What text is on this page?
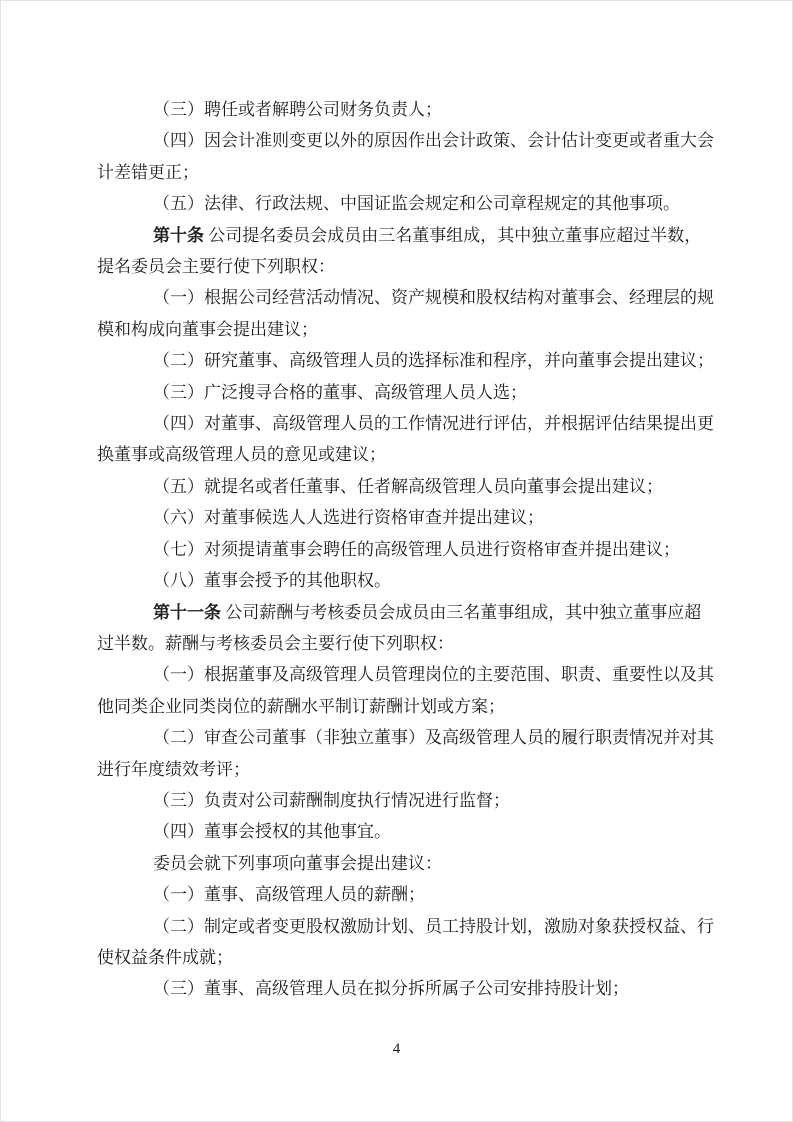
（三）聘任或者解聘公司财务负责人；

（四）因会计准则变更以外的原因作出会计政策、会计估计变更或者重大会计差错更正；

（五）法律、行政法规、中国证监会规定和公司章程规定的其他事项。

第十条 公司提名委员会成员由三名董事组成，其中独立董事应超过半数，提名委员会主要行使下列职权：

（一）根据公司经营活动情况、资产规模和股权结构对董事会、经理层的规模和构成向董事会提出建议；

（二）研究董事、高级管理人员的选择标准和程序，并向董事会提出建议；

（三）广泛搜寻合格的董事、高级管理人员人选；

（四）对董事、高级管理人员的工作情况进行评估，并根据评估结果提出更换董事或高级管理人员的意见或建议；

（五）就提名或者任董事、任者解高级管理人员向董事会提出建议；

（六）对董事候选人人选进行资格审查并提出建议；

（七）对须提请董事会聘任的高级管理人员进行资格审查并提出建议；

（八）董事会授予的其他职权。

第十一条 公司薪酬与考核委员会成员由三名董事组成，其中独立董事应超过半数。薪酬与考核委员会主要行使下列职权：

（一）根据董事及高级管理人员管理岗位的主要范围、职责、重要性以及其他同类企业同类岗位的薪酬水平制订薪酬计划或方案；

（二）审查公司董事（非独立董事）及高级管理人员的履行职责情况并对其进行年度绩效考评；

（三）负责对公司薪酬制度执行情况进行监督；

（四）董事会授权的其他事宜。

委员会就下列事项向董事会提出建议：

（一）董事、高级管理人员的薪酬；

（二）制定或者变更股权激励计划、员工持股计划，激励对象获授权益、行使权益条件成就；

（三）董事、高级管理人员在拟分拆所属子公司安排持股计划；

4
